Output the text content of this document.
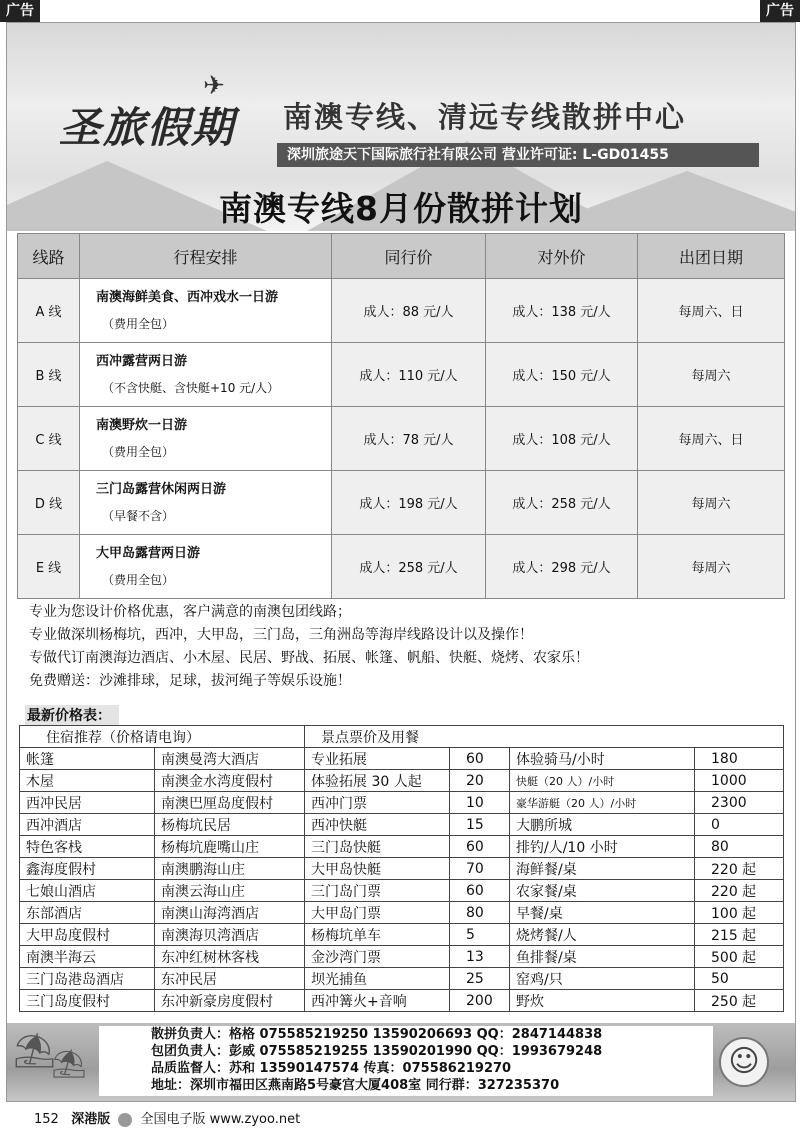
广告	广告
✈
圣旅假期 南澳专线、清远专线散拼中心
深圳旅途天下国际旅行社有限公司 营业许可证: L-GD01455
南澳专线8月份散拼计划
线路	行程安排	同行价	对外价	出团日期
A 线	南澳海鲜美食、西冲戏水一日游
（费用全包）	成人：88 元/人	成人：138 元/人	每周六、日
B 线	西冲露营两日游
（不含快艇、含快艇+10 元/人）	成人：110 元/人	成人：150 元/人	每周六
C 线	南澳野炊一日游
（费用全包）	成人：78 元/人	成人：108 元/人	每周六、日
D 线	三门岛露营休闲两日游
（早餐不含）	成人：198 元/人	成人：258 元/人	每周六
E 线	大甲岛露营两日游
（费用全包）	成人：258 元/人	成人：298 元/人	每周六
专业为您设计价格优惠，客户满意的南澳包团线路；
专业做深圳杨梅坑，西冲，大甲岛，三门岛，三角洲岛等海岸线路设计以及操作！
专做代订南澳海边酒店、小木屋、民居、野战、拓展、帐篷、帆船、快艇、烧烤、农家乐！
免费赠送：沙滩排球，足球，拔河绳子等娱乐设施！
最新价格表：
住宿推荐（价格请电询）		景点票价及用餐			
帐篷	南澳曼湾大酒店	专业拓展	60	体验骑马/小时	180
木屋	南澳金水湾度假村	体验拓展 30 人起	20	快艇（20 人）/小时	1000
西冲民居	南澳巴厘岛度假村	西冲门票	10	豪华游艇（20 人）/小时	2300
西冲酒店	杨梅坑民居	西冲快艇	15	大鹏所城	0
特色客栈	杨梅坑鹿嘴山庄	三门岛快艇	60	排钓/人/10 小时	80
鑫海度假村	南澳鹏海山庄	大甲岛快艇	70	海鲜餐/桌	220 起
七娘山酒店	南澳云海山庄	三门岛门票	60	农家餐/桌	220 起
东部酒店	南澳山海湾酒店	大甲岛门票	80	早餐/桌	100 起
大甲岛度假村	南澳海贝湾酒店	杨梅坑单车	5	烧烤餐/人	215 起
南澳半海云	东冲红树林客栈	金沙湾门票	13	鱼排餐/桌	500 起
三门岛港岛酒店	东冲民居	坝光捕鱼	25	窑鸡/只	50
三门岛度假村	东冲新豪房度假村	西冲篝火+音响	200	野炊	250 起
⛱
⛱
散拼负责人：格格 075585219250 13590206693 QQ：2847144838
包团负责人：彭威 075585219255 13590201990 QQ：1993679248
品质监督人：苏和 13590147574 传真：075586219270
地址：深圳市福田区燕南路5号豪宫大厦408室 同行群：327235370
☺
152 深港版 全国电子版 www.zyoo.net
